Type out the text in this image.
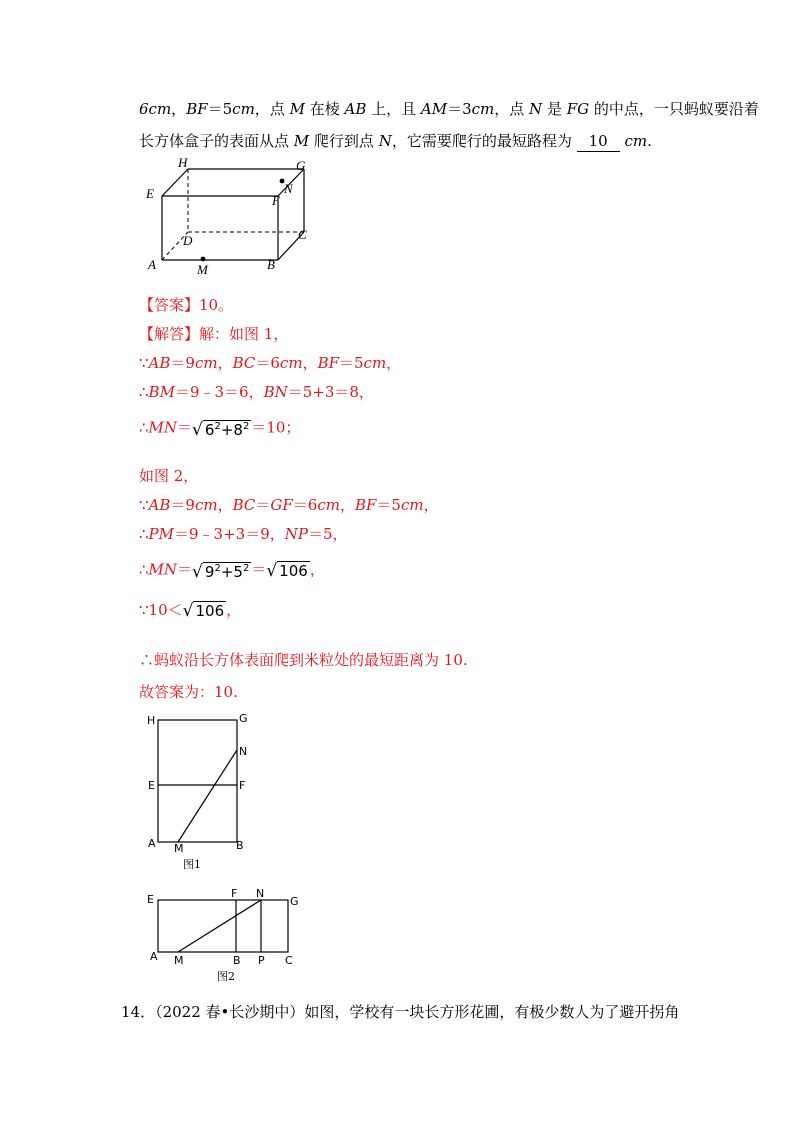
6cm，BF＝5cm，点 M 在棱 AB 上，且 AM＝3cm，点 N 是 FG 的中点，一只蚂蚁要沿着
长方体盒子的表面从点 M 爬行到点 N，它需要爬行的最短路程为 10 cm.
H	G
E	F
N
D	C
A	M	B
【答案】10。
【解答】解：如图 1，
∵AB＝9cm，BC＝6cm，BF＝5cm，
∴BM＝9﹣3＝6，BN＝5+3＝8，
∴MN＝√ $6^2+8^2 =10$；
如图 2，
∵AB＝9cm，BC＝GF＝6cm，BF＝5cm，
∴PM＝9﹣3+3＝9，NP＝5，
∴MN＝√ $9^2+5^2$ ＝√ 106 ，
∵10＜√ 106 ，
∴蚂蚁沿长方体表面爬到米粒处的最短距离为 10.
故答案为：10.
H	G
N
E	F
A M	B
图1
E	F N
G
A M	B P C
图2
14．（2022 春•长沙期中）如图，学校有一块长方形花圃，有极少数人为了避开拐角
